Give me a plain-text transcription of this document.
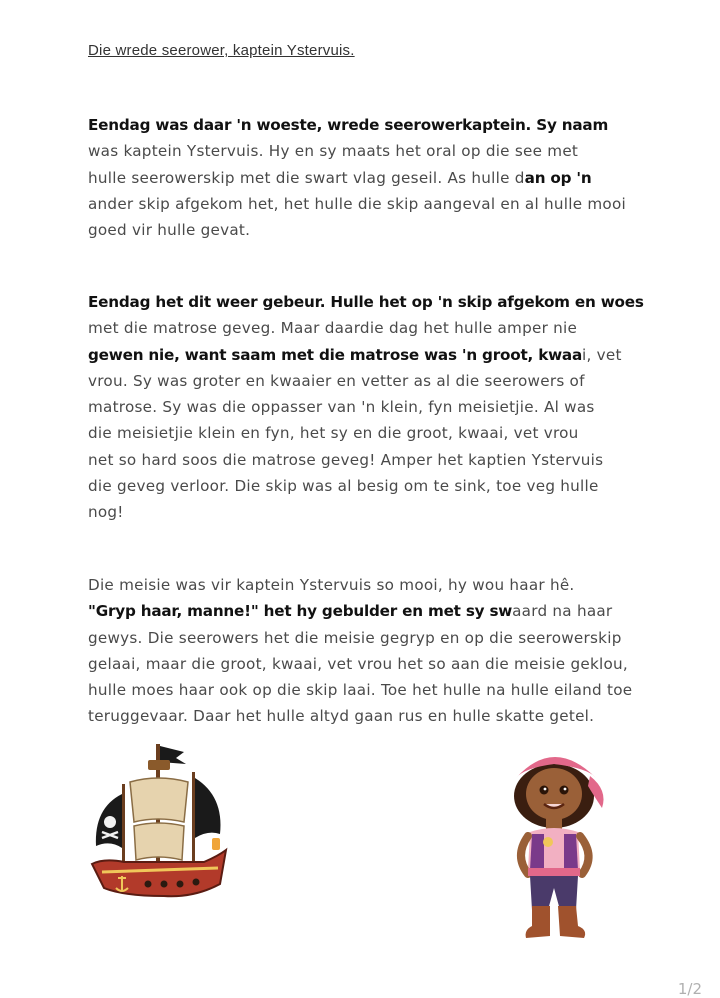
Die wrede seerower, kaptein Ystervuis.
Eendag was daar 'n woeste, wrede seerowerkaptein. Sy naam
was kaptein Ystervuis. Hy en sy maats het oral op die see met
hulle seerowerskip met die swart vlag geseil. As hulle dan op 'n
ander skip afgekom het, het hulle die skip aangeval en al hulle mooi
goed vir hulle gevat.
Eendag het dit weer gebeur. Hulle het op 'n skip afgekom en woes
met die matrose geveg. Maar daardie dag het hulle amper nie
gewen nie, want saam met die matrose was 'n groot, kwaai, vet
vrou. Sy was groter en kwaaier en vetter as al die seerowers of
matrose. Sy was die oppasser van 'n klein, fyn meisietjie. Al was
die meisietjie klein en fyn, het sy en die groot, kwaai, vet vrou
net so hard soos die matrose geveg! Amper het kaptien Ystervuis
die geveg verloor. Die skip was al besig om te sink, toe veg hulle
nog!
Die meisie was vir kaptein Ystervuis so mooi, hy wou haar hê.
"Gryp haar, manne!" het hy gebulder en met sy swaard na haar
gewys. Die seerowers het die meisie gegryp en op die seerowerskip
gelaai, maar die groot, kwaai, vet vrou het so aan die meisie geklou,
hulle moes haar ook op die skip laai. Toe het hulle na hulle eiland toe
teruggevaar. Daar het hulle altyd gaan rus en hulle skatte getel.
1/2
